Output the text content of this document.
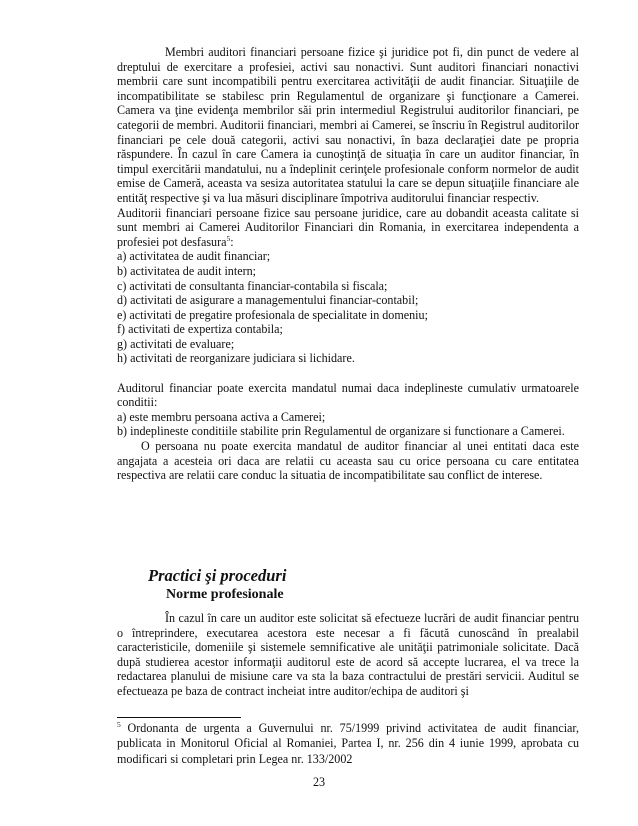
Membri auditori financiari persoane fizice şi juridice pot fi, din punct de vedere al dreptului de exercitare a profesiei, activi sau nonactivi. Sunt auditori financiari nonactivi membrii care sunt incompatibili pentru exercitarea activităţii de audit financiar. Situaţiile de incompatibilitate se stabilesc prin Regulamentul de organizare şi funcţionare a Camerei. Camera va ţine evidenţa membrilor săi prin intermediul Registrului auditorilor financiari, pe categorii de membri. Auditorii financiari, membri ai Camerei, se înscriu în Registrul auditorilor financiari pe cele două categorii, activi sau nonactivi, în baza declaraţiei date pe propria răspundere. În cazul în care Camera ia cunoştinţă de situaţia în care un auditor financiar, în timpul exercitării mandatului, nu a îndeplinit cerinţele profesionale conform normelor de audit emise de Cameră, aceasta va sesiza autoritatea statului la care se depun situaţiile financiare ale entităţ respective şi va lua măsuri disciplinare împotriva auditorului financiar respectiv.

Auditorii financiari persoane fizice sau persoane juridice, care au dobandit aceasta calitate si sunt membri ai Camerei Auditorilor Financiari din Romania, in exercitarea independenta a profesiei pot desfasura$^5$:

a) activitatea de audit financiar;

b) activitatea de audit intern;

c) activitati de consultanta financiar-contabila si fiscala;

d) activitati de asigurare a managementului financiar-contabil;

e) activitati de pregatire profesionala de specialitate in domeniu;

f) activitati de expertiza contabila;

g) activitati de evaluare;

h) activitati de reorganizare judiciara si lichidare.

Auditorul financiar poate exercita mandatul numai daca indeplineste cumulativ urmatoarele conditii:

a) este membru persoana activa a Camerei;

b) indeplineste conditiile stabilite prin Regulamentul de organizare si functionare a Camerei.

O persoana nu poate exercita mandatul de auditor financiar al unei entitati daca este angajata a acesteia ori daca are relatii cu aceasta sau cu orice persoana cu care entitatea respectiva are relatii care conduc la situatia de incompatibilitate sau conflict de interese.

Practici şi proceduri
Norme profesionale

În cazul în care un auditor este solicitat să efectueze lucrări de audit financiar pentru o întreprindere, executarea acestora este necesar a fi făcută cunoscând în prealabil caracteristicile, domeniile şi sistemele semnificative ale unităţii patrimoniale solicitate. Dacă după studierea acestor informaţii auditorul este de acord să accepte lucrarea, el va trece la redactarea planului de misiune care va sta la baza contractului de prestări servicii. Auditul se efectueaza pe baza de contract incheiat intre auditor/echipa de auditori şi

$^5$ Ordonanta de urgenta a Guvernului nr. 75/1999 privind activitatea de audit financiar, publicata in Monitorul Oficial al Romaniei, Partea I, nr. 256 din 4 iunie 1999, aprobata cu modificari si completari prin Legea nr. 133/2002
23
